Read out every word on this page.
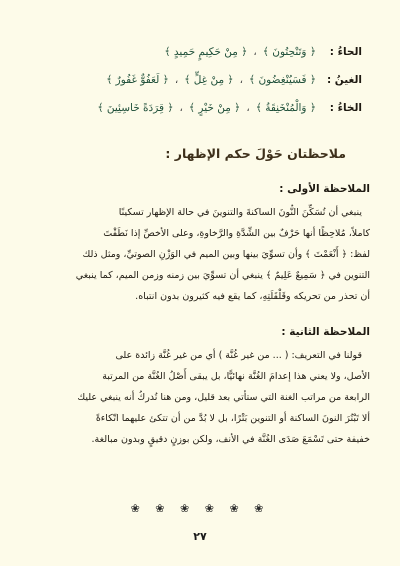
الحاءُ :
﴿ وَتَنْحِتُونَ ﴾
،
﴿ مِنْ حَكِيمٍ حَمِيدٍ ﴾
الغينُ :
﴿ فَسَيُنْغِضُونَ ﴾
،
﴿ مِنْ غِلٍّ ﴾
،
﴿ لَعَفُوٌّ غَفُورٌ ﴾
الخاءُ :
﴿ وَالْمُنْخَنِقَةُ ﴾
،
﴿ مِنْ خَيْرٍ ﴾
،
﴿ قِرَدَةً خَاسِئِينَ ﴾
ملاحظتان حَوْلَ حكم الإظهار :
الملاحظة الأولى :

ينبغي أن تُسَكِّنَ النُّونَ الساكنةَ والتنوينَ في حالة الإظهار تسكينًا

كاملاً، مُلاحِظًا أنها حَرْفٌ بين الشِّدَّةِ والرَّخاوةِ، وعلى الأخصِّ إذا نَطَقْتَ

لفظ: ﴿ أَنْعَمْتَ ﴾ وأن تسوِّيَ بينها وبين الميم في الوَزْنِ الصوتيِّ، ومثل ذلك

التنوين في ﴿ سَمِيعٌ عَلِيمٌ ﴾ ينبغي أن تسوِّيَ بين زمنه وزمن الميم، كما ينبغي

أن تحذر من تحريكه وقَلْقَلَتِهِ، كما يقع فيه كثيرون بدون انتباه.

الملاحظة الثانية :

قولنا في التعريف: ( ... من غير غُنَّة ) أي من غير غُنَّة زائدة على

الأصل، ولا يعني هذا إعدامَ الغُنَّة نهائيًّا، بل يبقى أَصْلُ الغُنَّة من المرتبة

الرابعة من مراتب الغنة التي ستأتي بعد قليل، ومن هنا تُدركُ أنه ينبغي عليك

ألا تَبْتُرَ النونَ الساكنة أو التنوين بَتْرًا، بل لا بُدَّ من أن تتكئ عليهما اتّكاءةً

خفيفة حتى تَسْمَعَ صَدَى الغُنَّة في الأنف، ولكن بوزنٍ دقيقٍ وبدون مبالغة.

❀ ❀ ❀ ❀ ❀ ❀
٢٧
